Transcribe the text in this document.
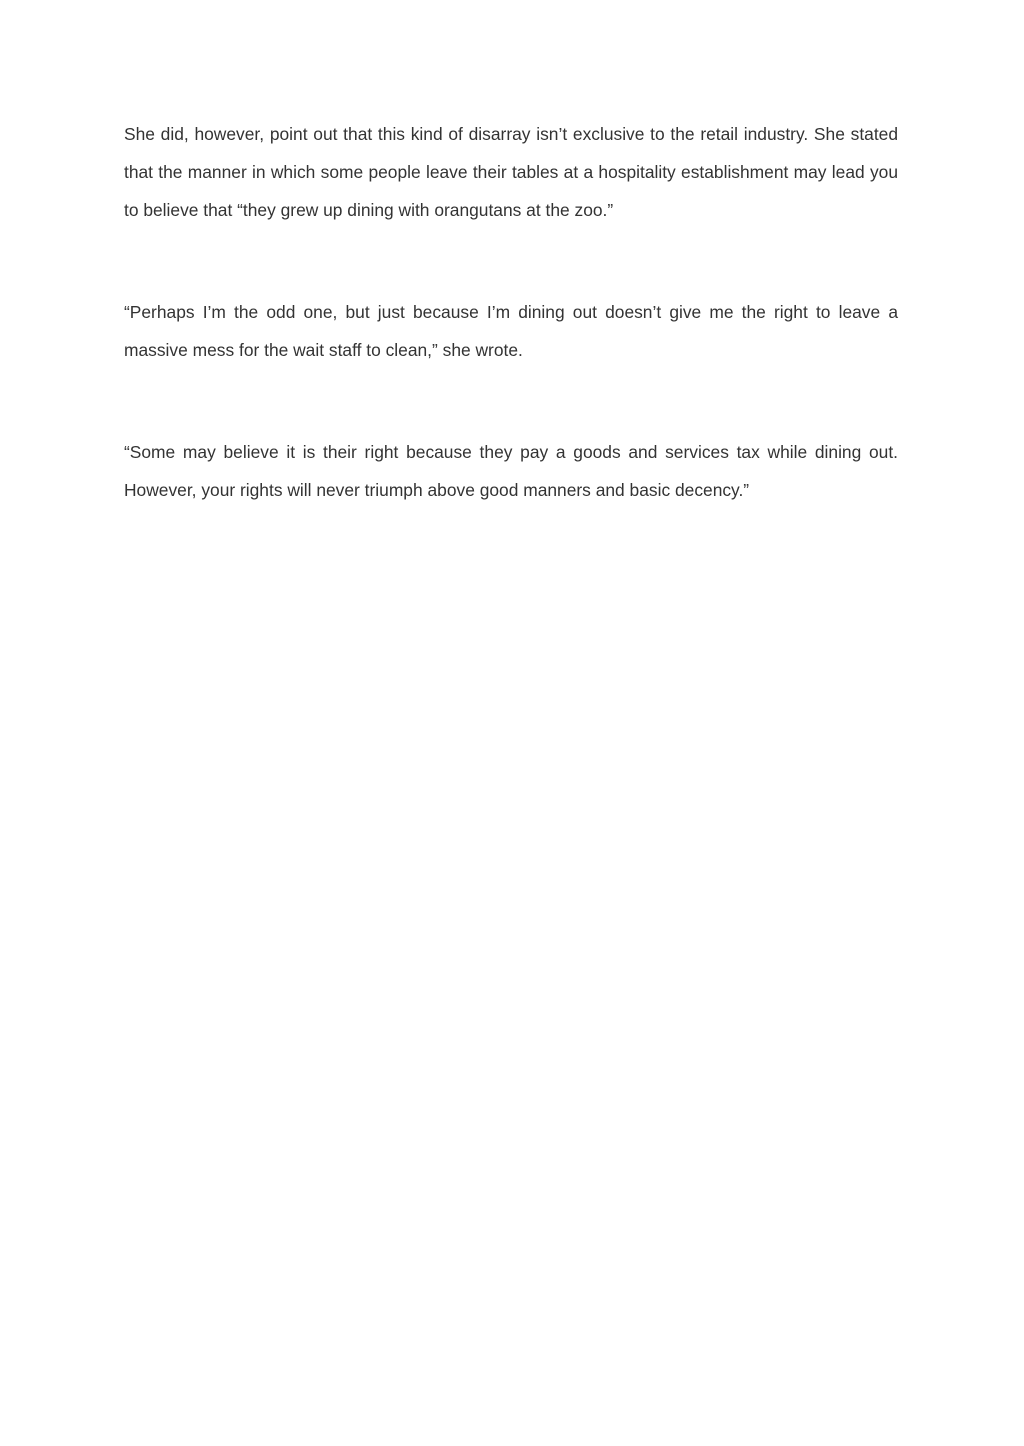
She did, however, point out that this kind of disarray isn’t exclusive to the retail industry. She stated that the manner in which some people leave their tables at a hospitality establishment may lead you to believe that “they grew up dining with orangutans at the zoo.”

“Perhaps I’m the odd one, but just because I’m dining out doesn’t give me the right to leave a massive mess for the wait staff to clean,” she wrote.

“Some may believe it is their right because they pay a goods and services tax while dining out. However, your rights will never triumph above good manners and basic decency.”
